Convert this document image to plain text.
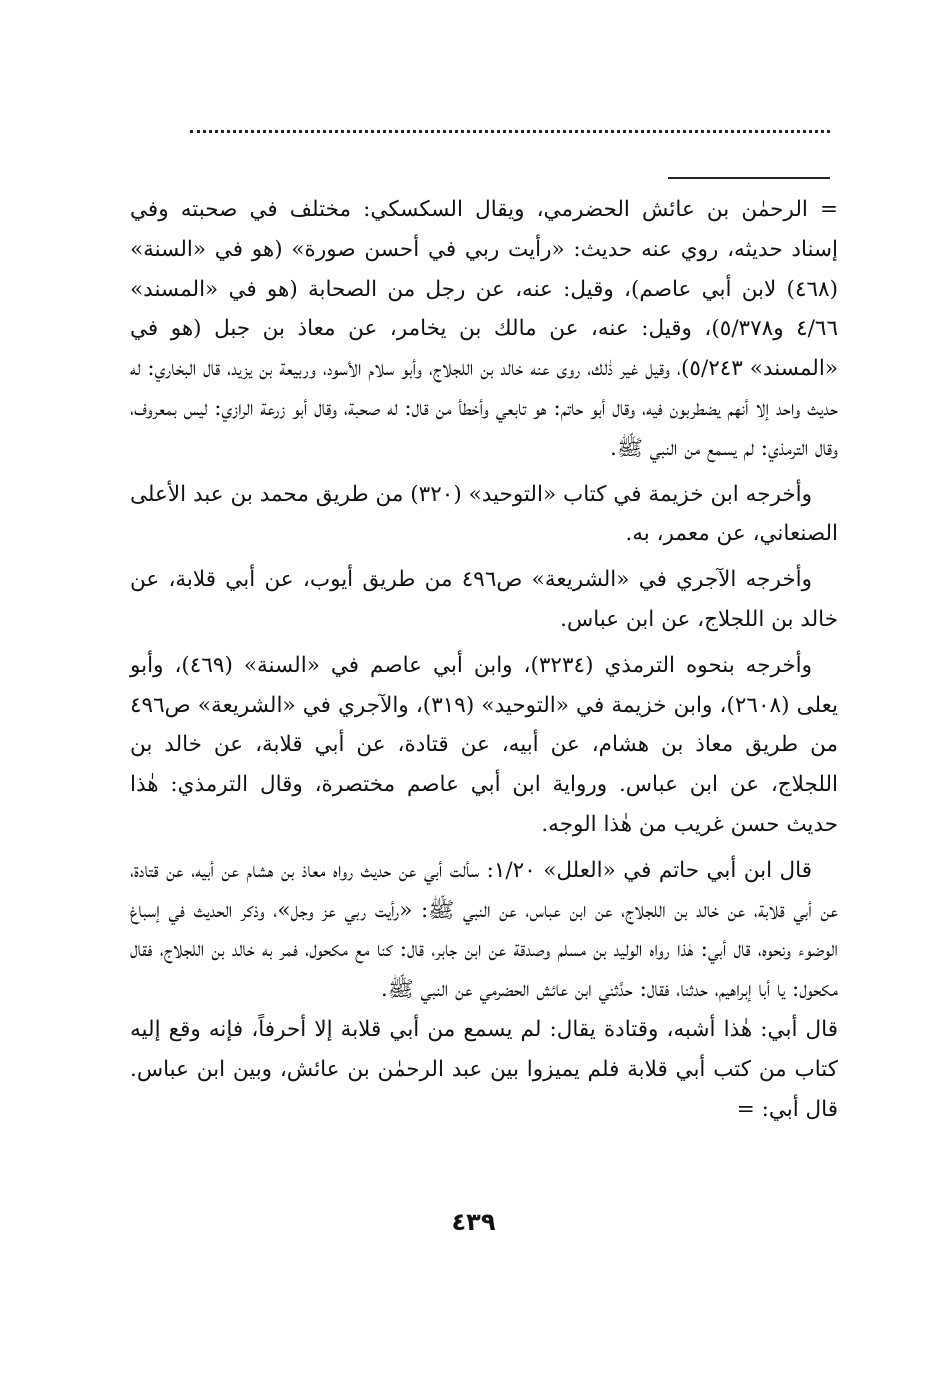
= الرحمٰن بن عائش الحضرمي، ويقال السكسكي: مختلف في صحبته وفي إسناد حديثه، روي عنه حديث: «رأيت ربي في أحسن صورة» (هو في «السنة» (٤٦٨) لابن أبي عاصم)، وقيل: عنه، عن رجل من الصحابة (هو في «المسند» ٤/٦٦ و٥/٣٧٨)، وقيل: عنه، عن مالك بن يخامر، عن معاذ بن جبل (هو في «المسند» ٥/٢٤٣)، وقيل غير ذٰلك، روى عنه خالد بن اللجلاج، وأبو سلام الأسود، وربيعة بن يزيد، قال البخاري: له حديث واحد إلا أنهم يضطربون فيه، وقال أبو حاتم: هو تابعي وأخطأ من قال: له صحبة، وقال أبو زرعة الرازي: ليس بمعروف، وقال الترمذي: لم يسمع من النبي ﷺ.

وأخرجه ابن خزيمة في كتاب «التوحيد» (٣٢٠) من طريق محمد بن عبد الأعلى الصنعاني، عن معمر، به.

وأخرجه الآجري في «الشريعة» ص٤٩٦ من طريق أيوب، عن أبي قلابة، عن خالد بن اللجلاج، عن ابن عباس.

وأخرجه بنحوه الترمذي (٣٢٣٤)، وابن أبي عاصم في «السنة» (٤٦٩)، وأبو يعلى (٢٦٠٨)، وابن خزيمة في «التوحيد» (٣١٩)، والآجري في «الشريعة» ص٤٩٦ من طريق معاذ بن هشام، عن أبيه، عن قتادة، عن أبي قلابة، عن خالد بن اللجلاج، عن ابن عباس. ورواية ابن أبي عاصم مختصرة، وقال الترمذي: هٰذا حديث حسن غريب من هٰذا الوجه.

قال ابن أبي حاتم في «العلل» ١/٢٠: سألت أبي عن حديث رواه معاذ بن هشام عن أبيه، عن قتادة، عن أبي قلابة، عن خالد بن اللجلاج، عن ابن عباس، عن النبي ﷺ: «رأيت ربي عز وجل»، وذكر الحديث في إسباغ الوضوء ونحوه، قال أبي: هٰذا رواه الوليد بن مسلم وصدقة عن ابن جابر، قال: كنا مع مكحول، فمر به خالد بن اللجلاج، فقال مكحول: يا أبا إبراهيم، حدثنا، فقال: حدَّثني ابن عائش الحضرمي عن النبي ﷺ.

قال أبي: هٰذا أشبه، وقتادة يقال: لم يسمع من أبي قلابة إلا أحرفاً، فإنه وقع إليه كتاب من كتب أبي قلابة فلم يميزوا بين عبد الرحمٰن بن عائش، وبين ابن عباس. قال أبي: =

٤٣٩
